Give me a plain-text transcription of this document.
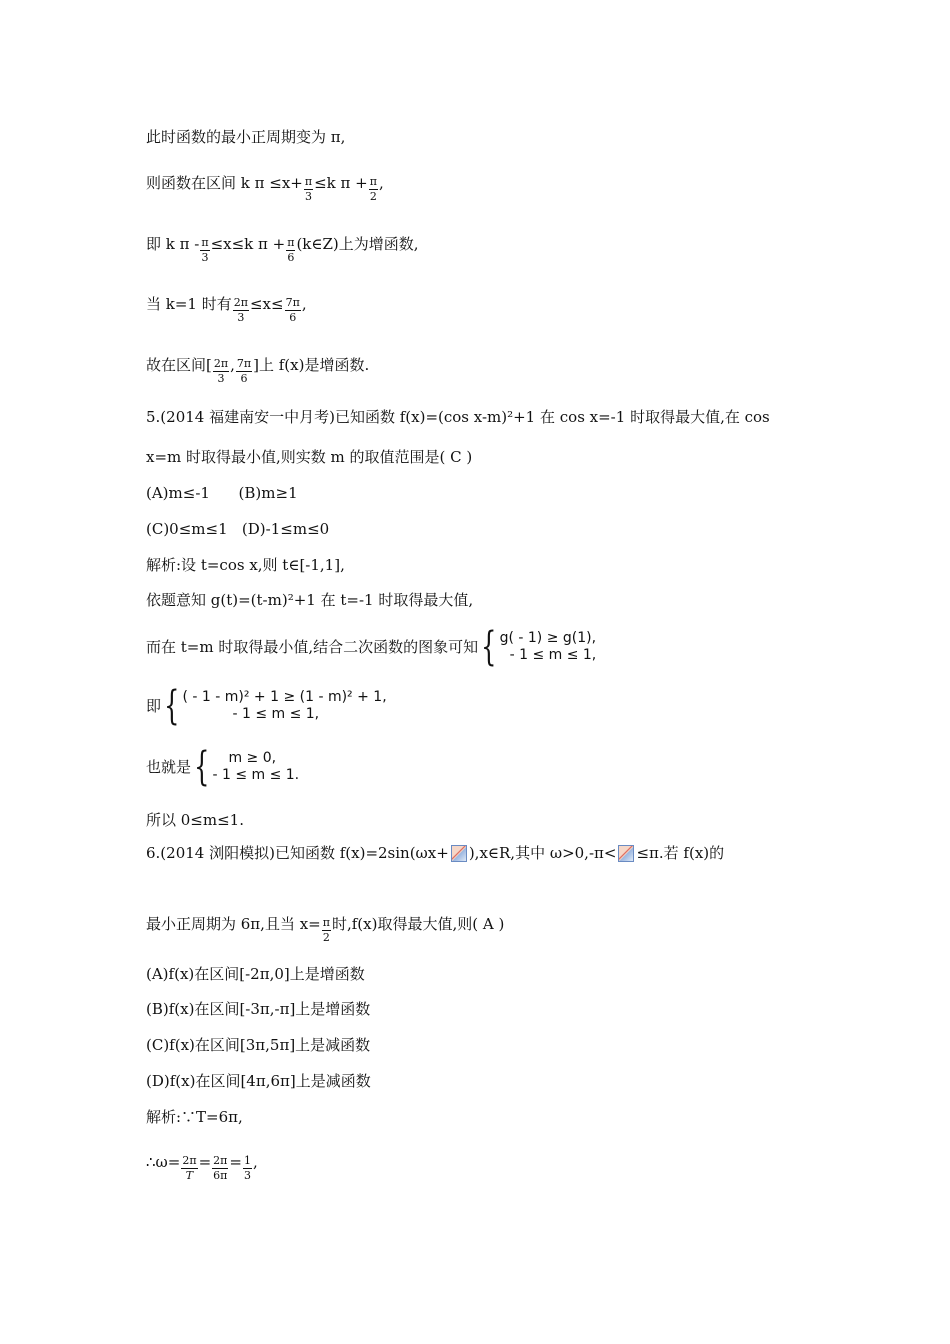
此时函数的最小正周期变为 π,
则函数在区间 k $\pi \le x+ \frac{\pi}{3} \le k$ $\pi + \frac{\pi}{2}$ ,
即 k $\pi - \frac{\pi}{3} \le x\le k$ $\pi + \frac{\pi}{6}$ (k∈Z)上为增函数,
当 k=1 时有 $\frac{2\pi}{3} \le x\le \frac{7\pi}{6}$ ,
故在区间[ $\frac{2\pi}{3}$ , $\frac{7\pi}{6}$ ]上 f(x)是增函数.
5.(2014 福建南安一中月考)已知函数 f(x)=(cos x-m)²+1 在 cos x=-1 时取得最大值,在 cos
x=m 时取得最小值,则实数 m 的取值范围是( C )
(A)m≤-1      (B)m≥1
(C)0≤m≤1   (D)-1≤m≤0
解析:设 t=cos x,则 t∈[-1,1],
依题意知 g(t)=(t-m)²+1 在 t=-1 时取得最大值,
而在 t=m 时取得最小值,结合二次函数的图象可知 { g( - 1) ≥ g(1),
- 1 ≤ m ≤ 1,
即 { ( - 1 - m)² + 1 ≥ (1 - m)² + 1,
- 1 ≤ m ≤ 1,
也就是 {	m ≥ 0,
- 1 ≤ m ≤ 1.
所以 0≤m≤1.
6.(2014 浏阳模拟)已知函数 f(x)=2sin(ωx+ ),x∈R,其中 ω>0,-π< ≤π.若 f(x)的
最小正周期为 6π,且当 $x= \frac{\pi}{2}$ 时,f(x)取得最大值,则( A )
(A)f(x)在区间[-2π,0]上是增函数
(B)f(x)在区间[-3π,-π]上是增函数
(C)f(x)在区间[3π,5π]上是减函数
(D)f(x)在区间[4π,6π]上是减函数
解析:∵T=6π,
∴ω= $\frac{2\pi}{T} = \frac{2\pi}{6\pi} = \frac{1}{3}$ ,
